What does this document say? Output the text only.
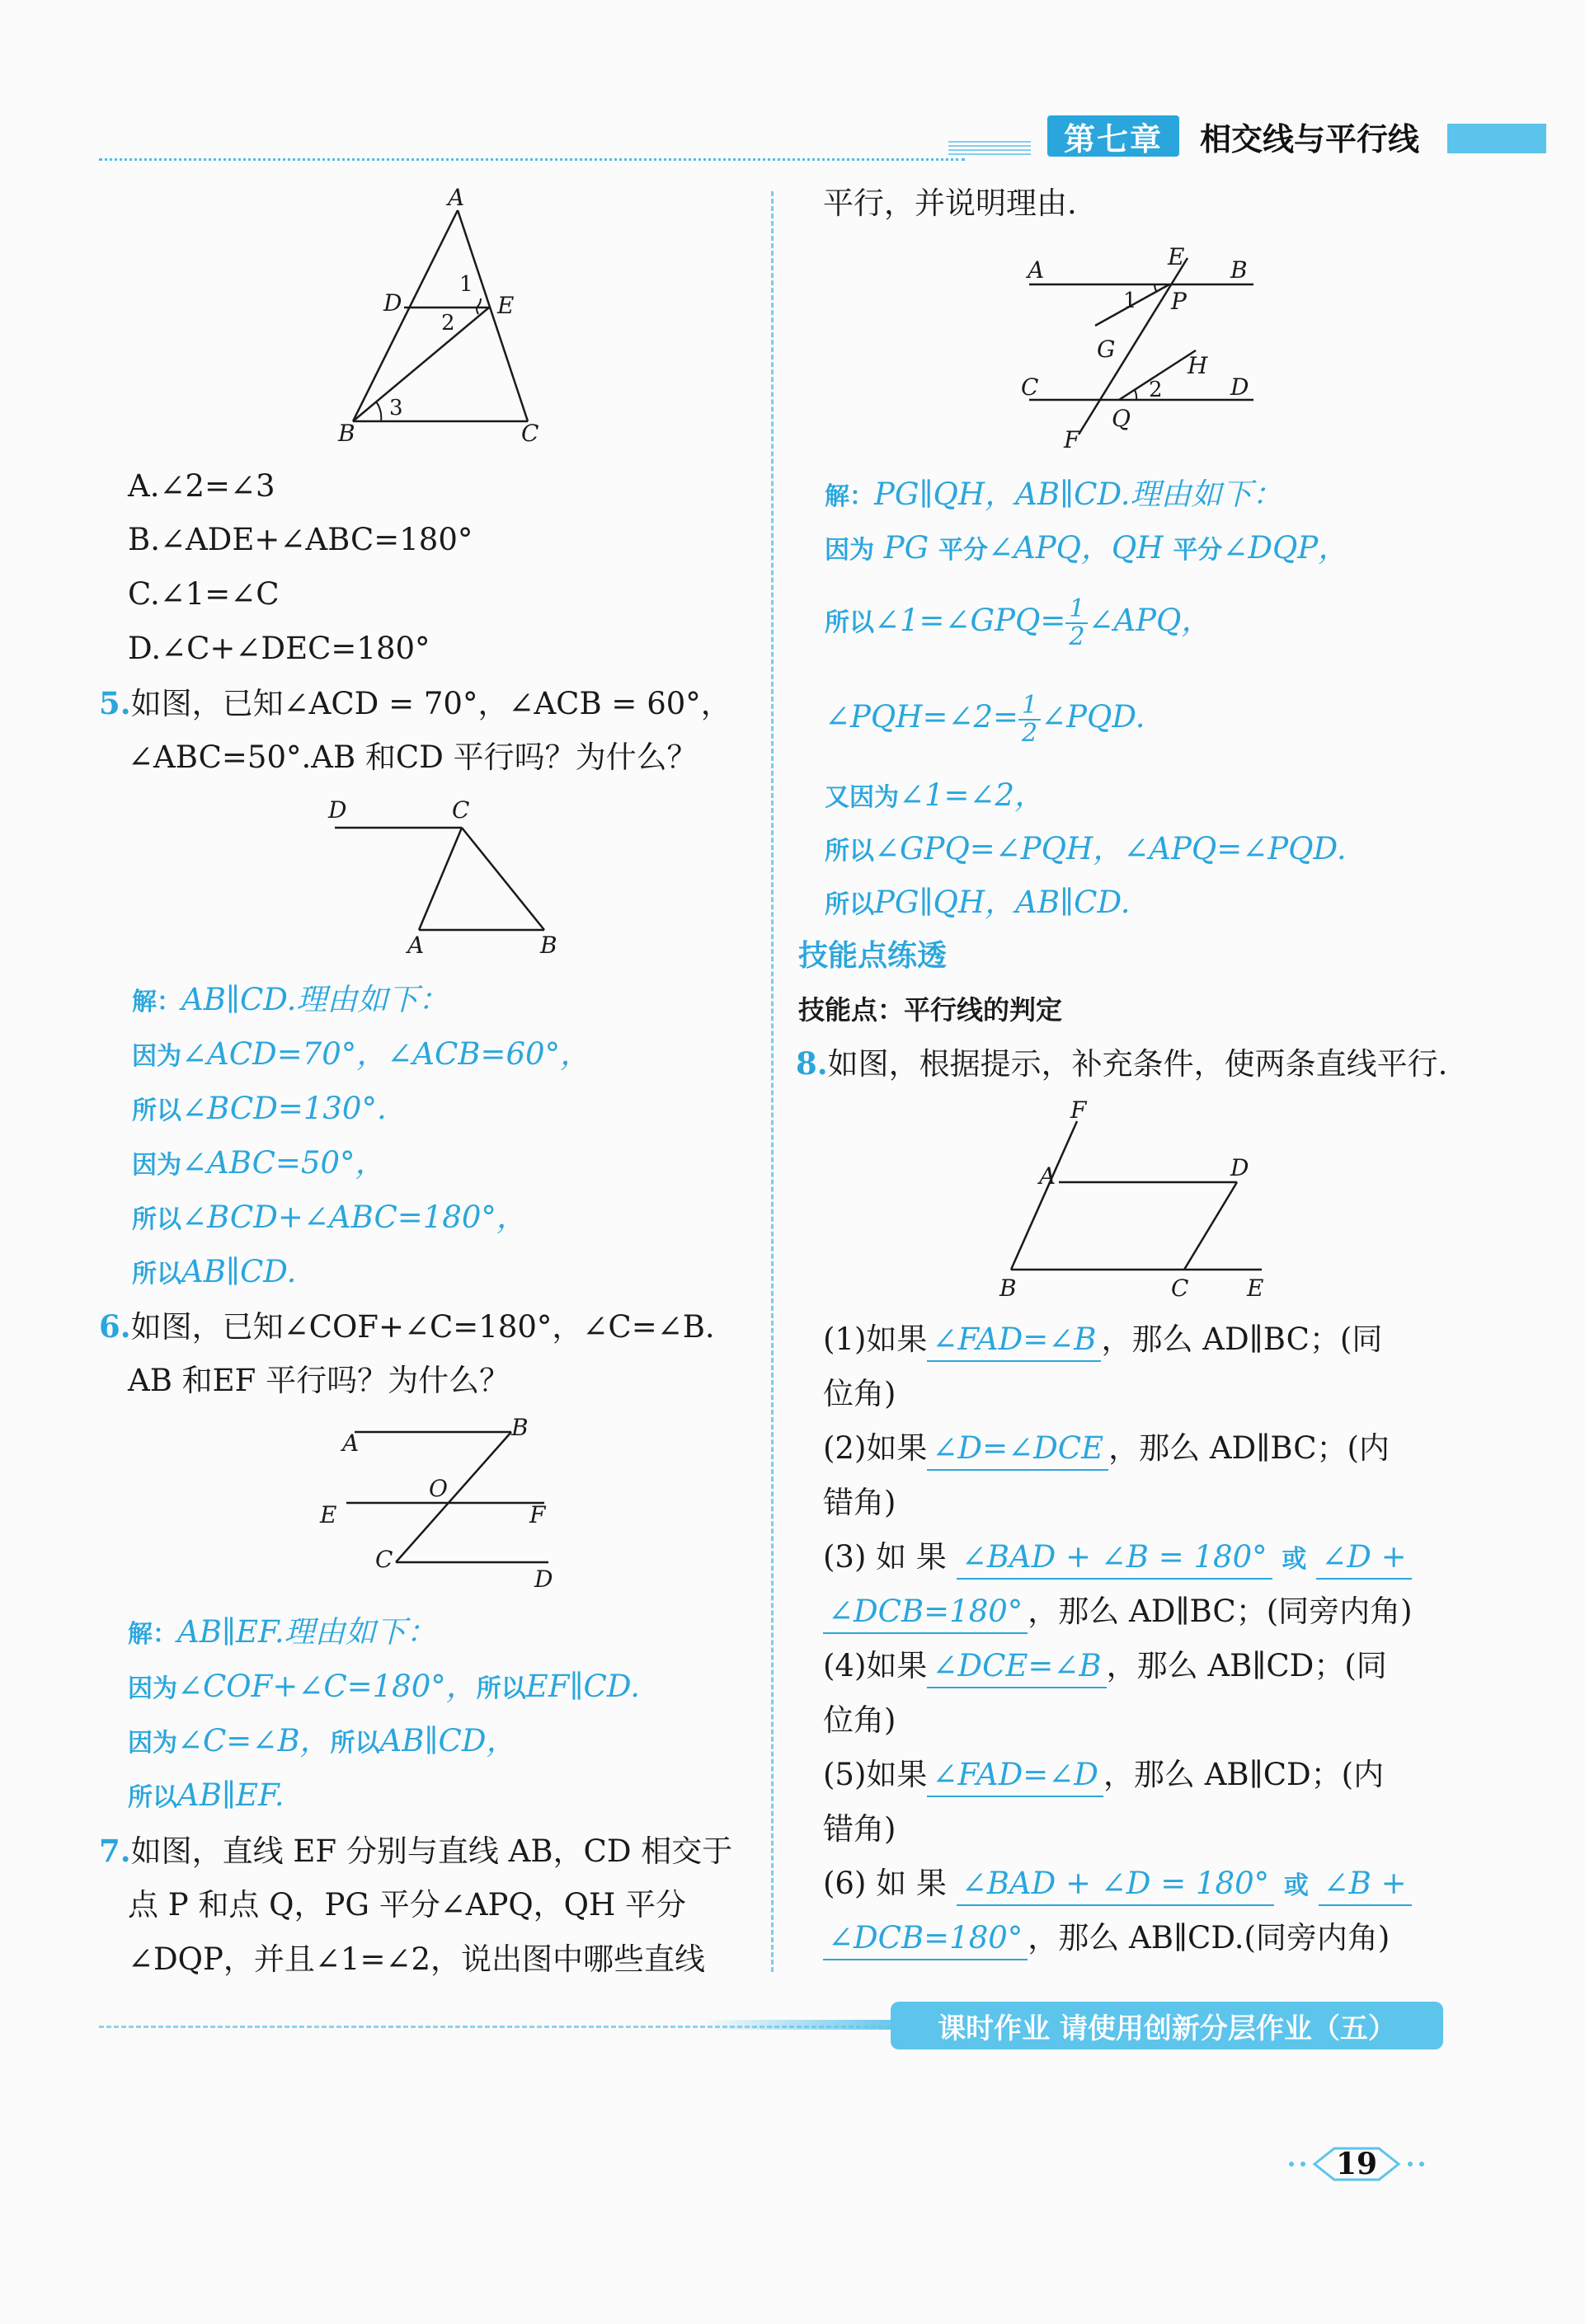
第七章	相交线与平行线
A
D	E
B	C
1
2
3
A.∠2=∠3
B.∠ADE+∠ABC=180°
C.∠1=∠C
D.∠C+∠DEC=180°
5.如图，已知∠ACD = 70°，∠ACB = 60°，
∠ABC=50°.AB 和CD 平行吗？为什么？
D	C
A	B
解：AB∥CD.理由如下：
因为∠ACD=70°，∠ACB=60°，
所以∠BCD=130°.
因为∠ABC=50°，
所以∠BCD+∠ABC=180°，
所以AB∥CD.
6.如图，已知∠COF+∠C=180°，∠C=∠B.
AB 和EF 平行吗？为什么？
A
B
O
E	F
C
D
解：AB∥EF.理由如下：
因为∠COF+∠C=180°，所以EF∥CD.
因为∠C=∠B，所以AB∥CD，
所以AB∥EF.
7.如图，直线 EF 分别与直线 AB，CD 相交于
点 P 和点 Q，PG 平分∠APQ，QH 平分
∠DQP，并且∠1=∠2，说出图中哪些直线
平行，并说明理由.
A	E B
1 P
G
H
C	2	D
Q
F
解：PG∥QH，AB∥CD.理由如下：
因为 PG 平分∠APQ，QH 平分∠DQP，
所以∠1=∠GPQ= $\frac{1}{2}$ ∠APQ，
∠PQH=∠2= $\frac{1}{2}$ ∠PQD.
又因为∠1=∠2，
所以∠GPQ=∠PQH，∠APQ=∠PQD.
所以PG∥QH，AB∥CD.
技能点练透
技能点：平行线的判定
8.如图，根据提示，补充条件，使两条直线平行.
F
A	D
B	C	E
(1)如果 ∠FAD=∠B ，那么 AD∥BC；(同
位角)
(2)如果 ∠D=∠DCE ，那么 AD∥BC；(内
错角)
(3) 如 果 ∠BAD + ∠B = 180° 或 ∠D +
∠DCB=180° ，那么 AD∥BC；(同旁内角)
(4)如果 ∠DCE=∠B ，那么 AB∥CD；(同
位角)
(5)如果 ∠FAD=∠D ，那么 AB∥CD；(内
错角)
(6) 如 果 ∠BAD + ∠D = 180° 或 ∠B +
∠DCB=180° ，那么 AB∥CD.(同旁内角)
课时作业 请使用创新分层作业（五）
19
